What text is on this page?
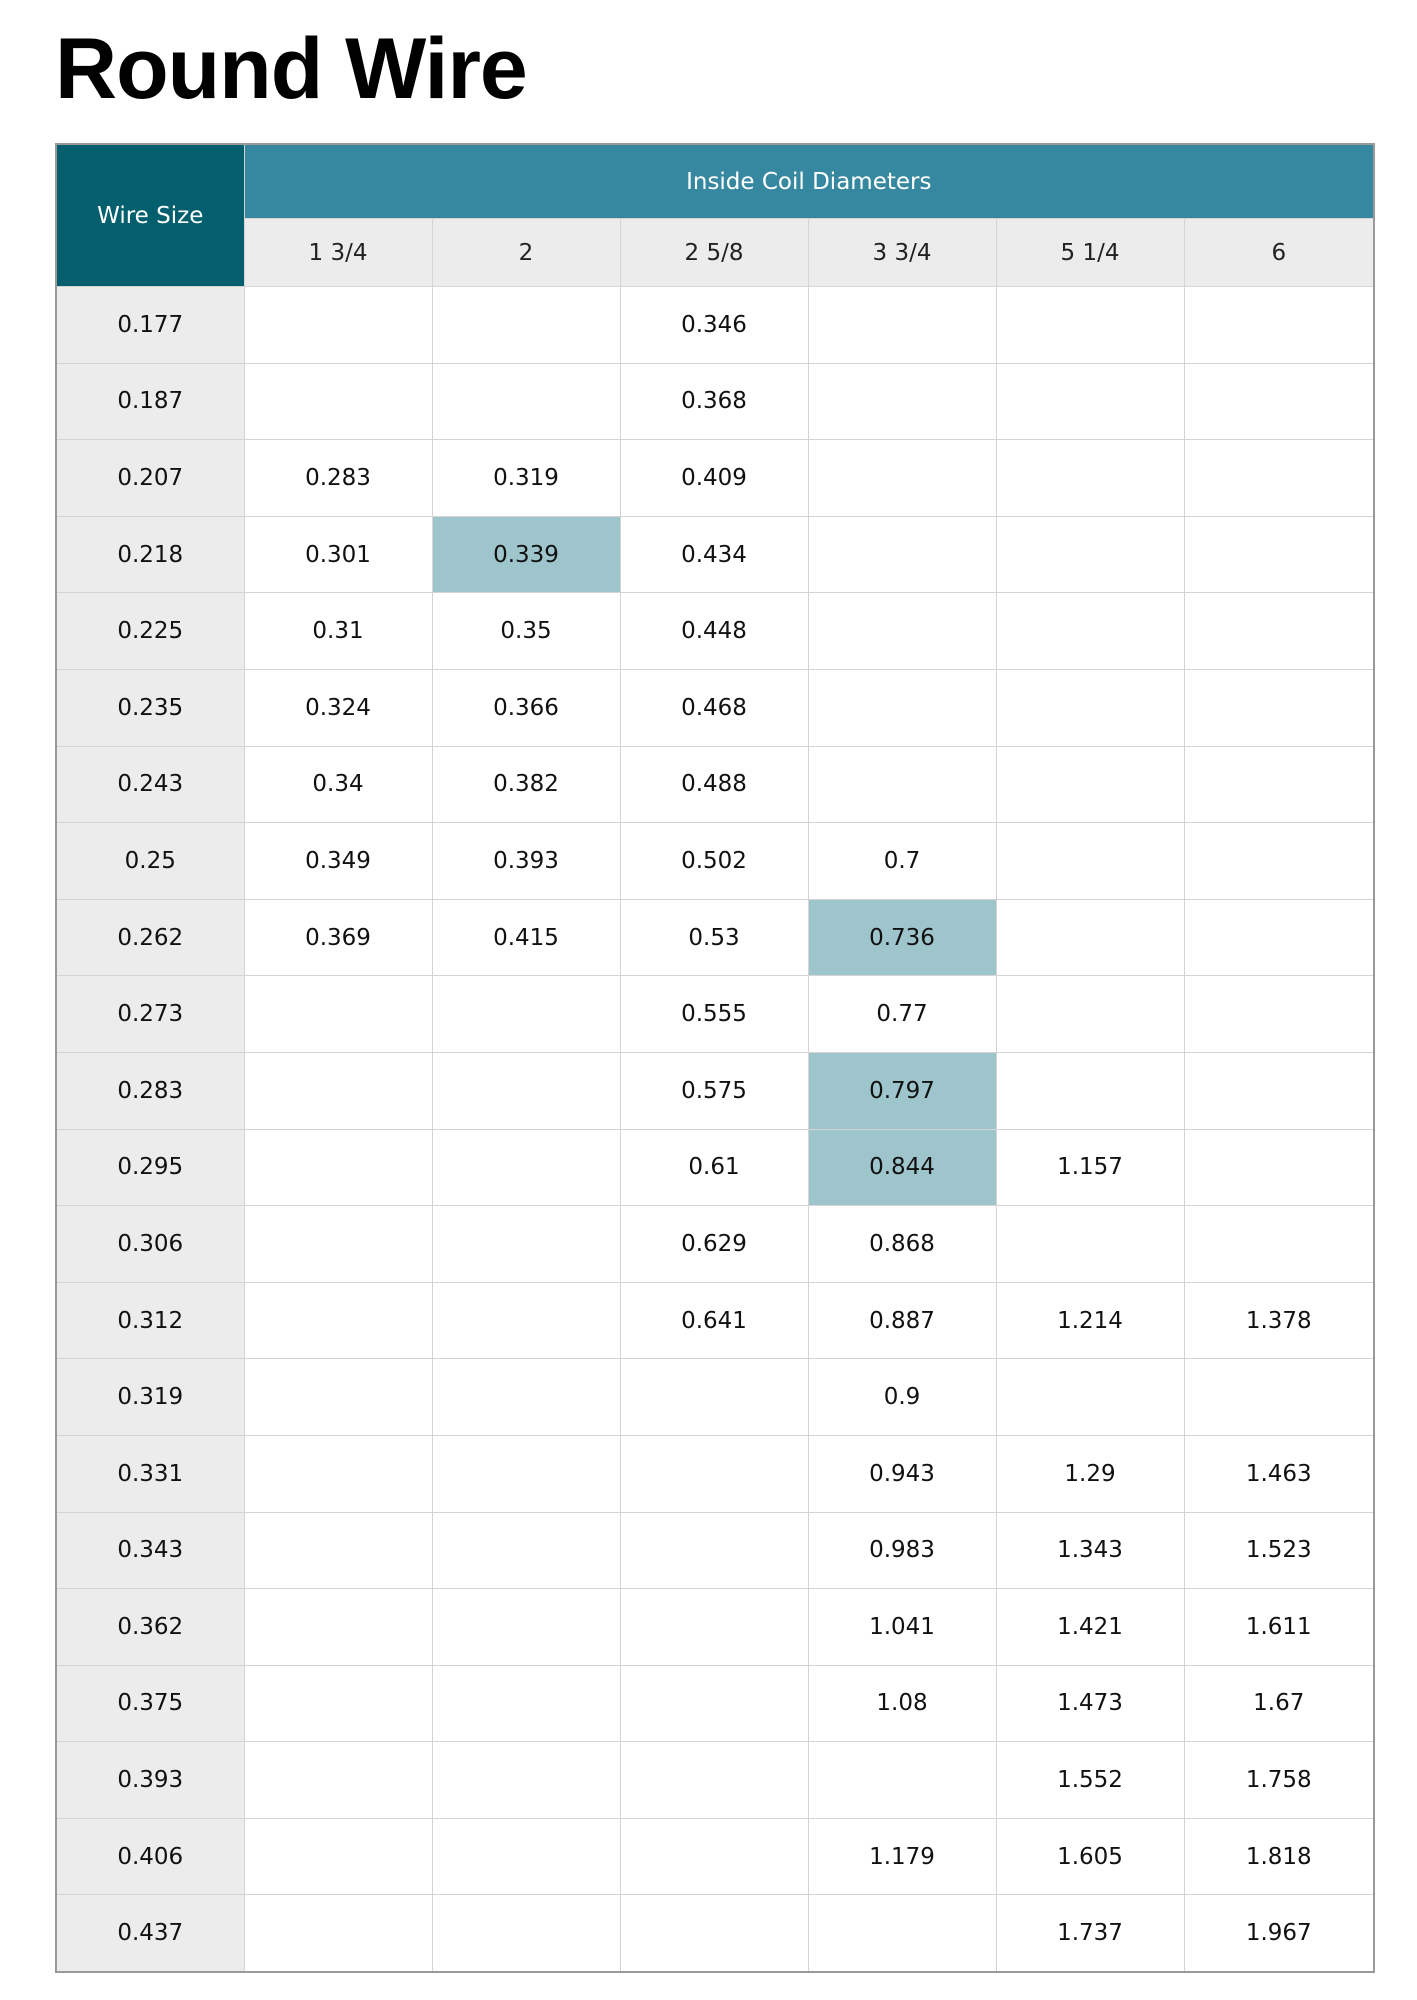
Round Wire
Wire Size	Inside Coil Diameters					
	1 3/4	2	2 5/8	3 3/4	5 1/4	6
0.177			0.346			
0.187			0.368			
0.207	0.283	0.319	0.409			
0.218	0.301	0.339	0.434			
0.225	0.31	0.35	0.448			
0.235	0.324	0.366	0.468			
0.243	0.34	0.382	0.488			
0.25	0.349	0.393	0.502	0.7		
0.262	0.369	0.415	0.53	0.736		
0.273			0.555	0.77		
0.283			0.575	0.797		
0.295			0.61	0.844	1.157	
0.306			0.629	0.868		
0.312			0.641	0.887	1.214	1.378
0.319				0.9		
0.331				0.943	1.29	1.463
0.343				0.983	1.343	1.523
0.362				1.041	1.421	1.611
0.375				1.08	1.473	1.67
0.393					1.552	1.758
0.406				1.179	1.605	1.818
0.437					1.737	1.967
